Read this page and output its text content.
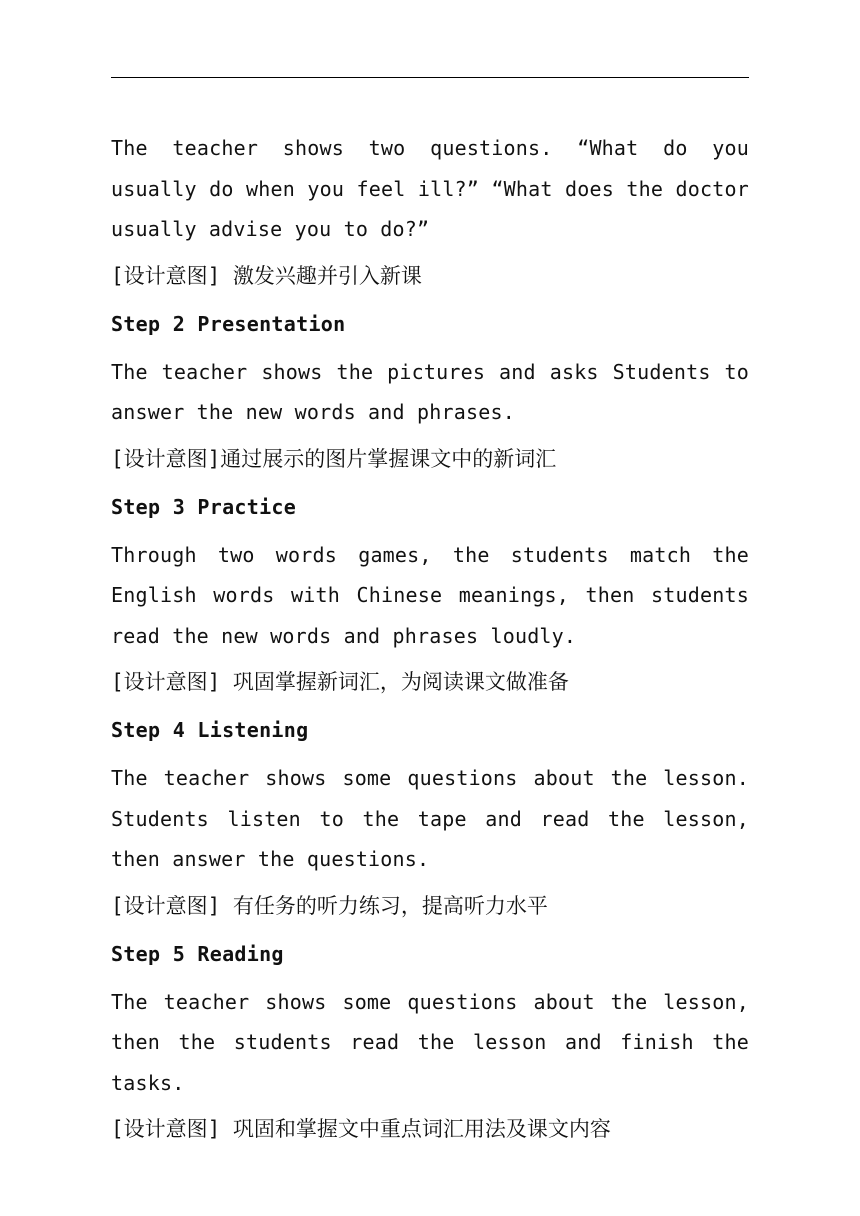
The teacher shows two questions. “What do you usually do when you feel ill?” “What does the doctor usually advise you to do?”

[设计意图] 激发兴趣并引入新课

Step 2 Presentation

The teacher shows the pictures and asks Students to answer the new words and phrases.

[设计意图]通过展示的图片掌握课文中的新词汇

Step 3 Practice

Through two words games, the students match the English words with Chinese meanings, then students read the new words and phrases loudly.

[设计意图] 巩固掌握新词汇，为阅读课文做准备

Step 4 Listening

The teacher shows some questions about the lesson. Students listen to the tape and read the lesson, then answer the questions.

[设计意图] 有任务的听力练习，提高听力水平

Step 5 Reading

The teacher shows some questions about the lesson, then the students read the lesson and finish the tasks.

[设计意图] 巩固和掌握文中重点词汇用法及课文内容
